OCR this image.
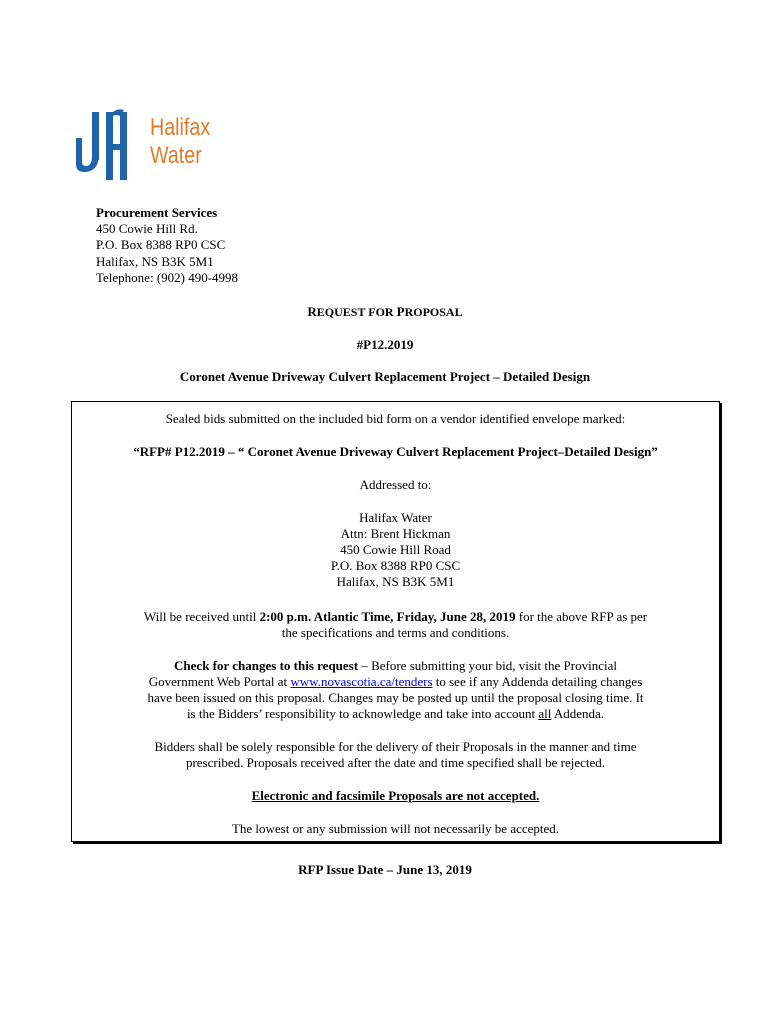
Halifax
Water
Procurement Services
450 Cowie Hill Rd.
P.O. Box 8388 RP0 CSC
Halifax, NS B3K 5M1
Telephone: (902) 490-4998
REQUEST FOR PROPOSAL
#P12.2019
Coronet Avenue Driveway Culvert Replacement Project – Detailed Design

Sealed bids submitted on the included bid form on a vendor identified envelope marked:

“RFP# P12.2019 – “ Coronet Avenue Driveway Culvert Replacement Project–Detailed Design”

Addressed to:

Halifax Water

Attn: Brent Hickman

450 Cowie Hill Road

P.O. Box 8388 RP0 CSC

Halifax, NS B3K 5M1

Will be received until 2:00 p.m. Atlantic Time, Friday, June 28, 2019 for the above RFP as per

the specifications and terms and conditions.

Check for changes to this request – Before submitting your bid, visit the Provincial

Government Web Portal at www.novascotia.ca/tenders to see if any Addenda detailing changes

have been issued on this proposal. Changes may be posted up until the proposal closing time. It

is the Bidders’ responsibility to acknowledge and take into account all Addenda.

Bidders shall be solely responsible for the delivery of their Proposals in the manner and time

prescribed. Proposals received after the date and time specified shall be rejected.

Electronic and facsimile Proposals are not accepted.

The lowest or any submission will not necessarily be accepted.

RFP Issue Date – June 13, 2019
